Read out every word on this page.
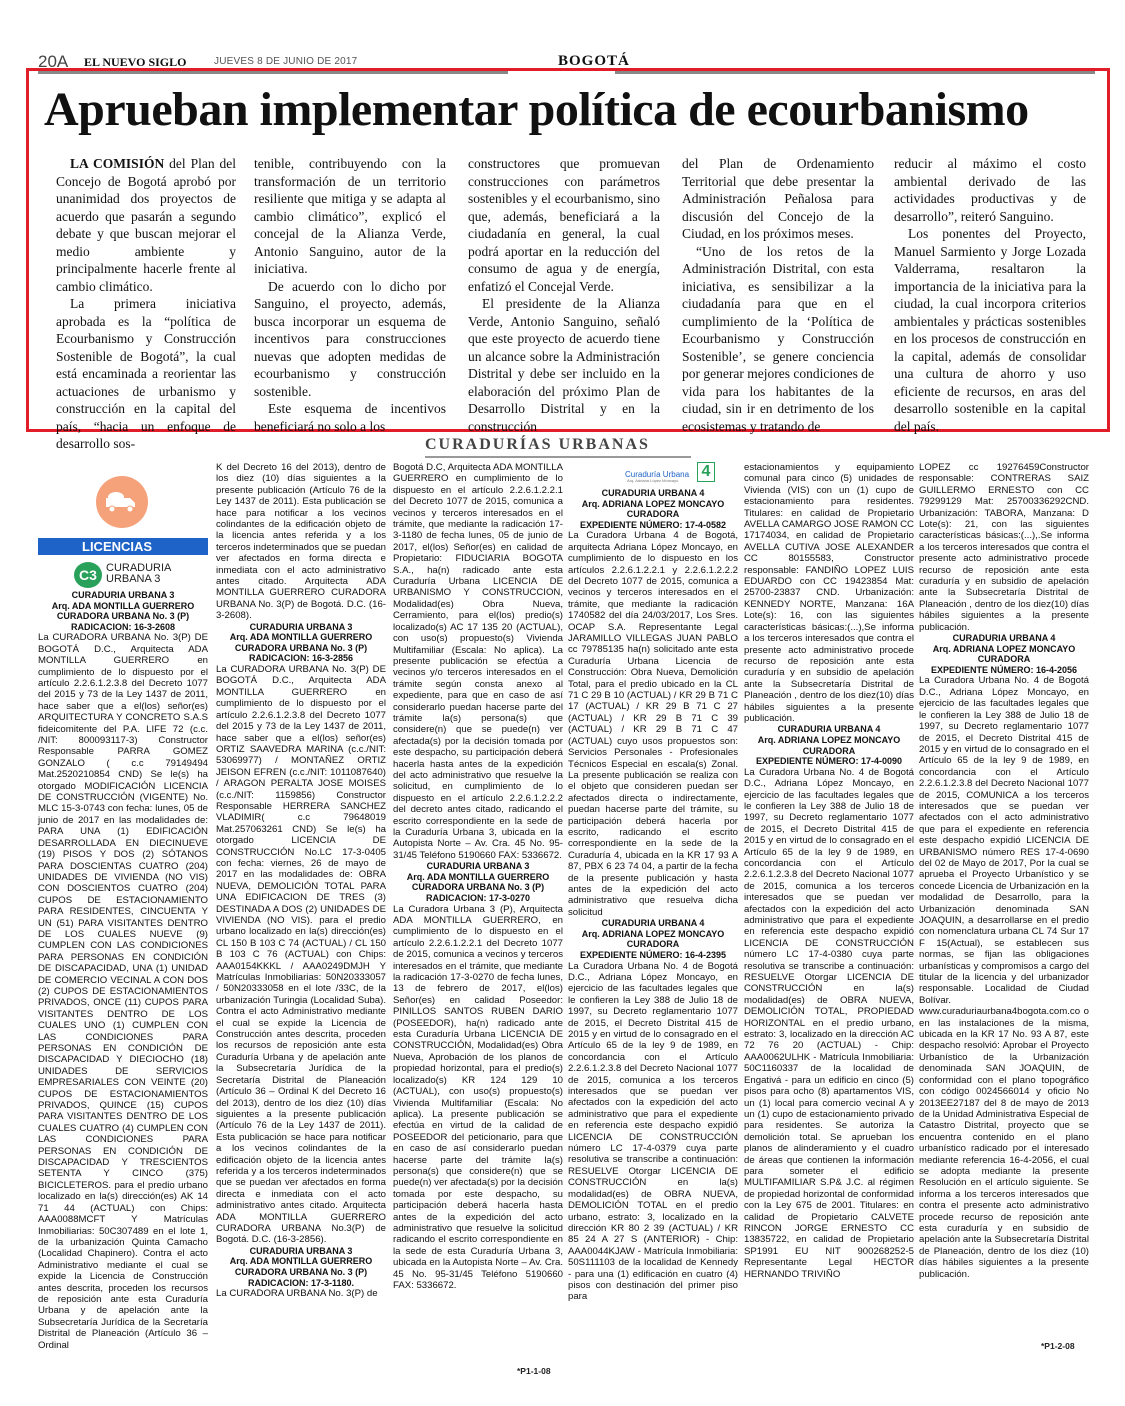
20A EL NUEVO SIGLO	JUEVES 8 DE JUNIO DE 2017	BOGOTÁ
Aprueban implementar política de ecourbanismo

LA COMISIÓN del Plan del Concejo de Bogotá aprobó por unanimidad dos proyectos de acuerdo que pasarán a segundo debate y que buscan mejorar el medio ambiente y principalmente hacerle frente al cambio climático.

La primera iniciativa aprobada es la “política de Ecourbanismo y Construcción Sostenible de Bogotá”, la cual está encaminada a reorientar las actuaciones de urbanismo y construcción en la capital del país, “hacia un enfoque de desarrollo sos-

tenible, contribuyendo con la transformación de un territorio resiliente que mitiga y se adapta al cambio climático”, explicó el concejal de la Alianza Verde, Antonio Sanguino, autor de la iniciativa.

De acuerdo con lo dicho por Sanguino, el proyecto, además, busca incorporar un esquema de incentivos para construcciones nuevas que adopten medidas de ecourbanismo y construcción sostenible.

Este esquema de incentivos beneficiará no solo a los

constructores que promuevan construcciones con parámetros sostenibles y el ecourbanismo, sino que, además, beneficiará a la ciudadanía en general, la cual podrá aportar en la reducción del consumo de agua y de energía, enfatizó el Concejal Verde.

El presidente de la Alianza Verde, Antonio Sanguino, señaló que este proyecto de acuerdo tiene un alcance sobre la Administración Distrital y debe ser incluido en la elaboración del próximo Plan de Desarrollo Distrital y en la construcción

del Plan de Ordenamiento Territorial que debe presentar la Administración Peñalosa para discusión del Concejo de la Ciudad, en los próximos meses.

“Uno de los retos de la Administración Distrital, con esta iniciativa, es sensibilizar a la ciudadanía para que en el cumplimiento de la ‘Política de Ecourbanismo y Construcción Sostenible’, se genere conciencia por generar mejores condiciones de vida para los habitantes de la ciudad, sin ir en detrimento de los ecosistemas y tratando de

reducir al máximo el costo ambiental derivado de las actividades productivas y de desarrollo”, reiteró Sanguino.

Los ponentes del Proyecto, Manuel Sarmiento y Jorge Lozada Valderrama, resaltaron la importancia de la iniciativa para la ciudad, la cual incorpora criterios ambientales y prácticas sostenibles en los procesos de construcción en la capital, además de consolidar una cultura de ahorro y uso eficiente de recursos, en aras del desarrollo sostenible en la capital del país.

CURADURÍAS URBANAS
LICENCIAS
C3 CURADURIA
URBANA 3
Curaduría Urbana
Arq. Adriana López Moncayo
4
CURADURIA URBANA 3
Arq. ADA MONTILLA GUERRERO
CURADORA URBANA No. 3 (P)
RADICACION: 16-3-2608
La CURADORA URBANA No. 3(P) DE BOGOTÁ D.C., Arquitecta ADA MONTILLA GUERRERO en cumplimiento de lo dispuesto por el artículo 2.2.6.1.2.3.8 del Decreto 1077 del 2015 y 73 de la Ley 1437 de 2011, hace saber que a el(los) señor(es) ARQUITECTURA Y CONCRETO S.A.S fideicomitente del P.A. LIFE 72 (c.c. /NIT: 800093117-3) Constructor Responsable PARRA GOMEZ GONZALO ( c.c 79149494 Mat.2520210854 CND) Se le(s) ha otorgado MODIFICACIÓN LICENCIA DE CONSTRUCCIÓN (VIGENTE) No. MLC 15-3-0743 con fecha: lunes, 05 de junio de 2017 en las modalidades de: PARA UNA (1) EDIFICACIÓN DESARROLLADA EN DIECINUEVE (19) PISOS Y DOS (2) SÓTANOS PARA DOSCIENTAS CUATRO (204) UNIDADES DE VIVIENDA (NO VIS) CON DOSCIENTOS CUATRO (204) CUPOS DE ESTACIONAMIENTO PARA RESIDENTES, CINCUENTA Y UN (51) PARA VISITANTES DENTRO DE LOS CUALES NUEVE (9) CUMPLEN CON LAS CONDICIONES PARA PERSONAS EN CONDICIÓN DE DISCAPACIDAD, UNA (1) UNIDAD DE COMERCIO VECINAL A CON DOS (2) CUPOS DE ESTACIONAMIENTOS PRIVADOS, ONCE (11) CUPOS PARA VISITANTES DENTRO DE LOS CUALES UNO (1) CUMPLEN CON LAS CONDICIONES PARA PERSONAS EN CONDICIÓN DE DISCAPACIDAD Y DIECIOCHO (18) UNIDADES DE SERVICIOS EMPRESARIALES CON VEINTE (20) CUPOS DE ESTACIONAMIENTOS PRIVADOS, QUINCE (15) CUPOS PARA VISITANTES DENTRO DE LOS CUALES CUATRO (4) CUMPLEN CON LAS CONDICIONES PARA PERSONAS EN CONDICIÓN DE DISCAPACIDAD Y TRESCIENTOS SETENTA Y CINCO (375) BICICLETEROS. para el predio urbano localizado en la(s) dirección(es) AK 14 71 44 (ACTUAL) con Chips: AAA0088MCFT Y Matrículas Inmobiliarias: 50C307489 en el lote 1, de la urbanización Quinta Camacho (Localidad Chapinero). Contra el acto Administrativo mediante el cual se expide la Licencia de Construcción antes descrita, proceden los recursos de reposición ante esta Curaduría Urbana y de apelación ante la Subsecretaría Jurídica de la Secretaría Distrital de Planeación (Artículo 36 – Ordinal
K del Decreto 16 del 2013), dentro de los diez (10) días siguientes a la presente publicación (Artículo 76 de la Ley 1437 de 2011). Esta publicación se hace para notificar a los vecinos colindantes de la edificación objeto de la licencia antes referida y a los terceros indeterminados que se puedan ver afectados en forma directa e inmediata con el acto administrativo antes citado. Arquitecta ADA MONTILLA GUERRERO CURADORA URBANA No. 3(P) de Bogotá. D.C. (16-3-2608).
CURADURIA URBANA 3
Arq. ADA MONTILLA GUERRERO
CURADORA URBANA No. 3 (P)
RADICACION: 16-3-2856
La CURADORA URBANA No. 3(P) DE BOGOTÁ D.C., Arquitecta ADA MONTILLA GUERRERO en cumplimiento de lo dispuesto por el artículo 2.2.6.1.2.3.8 del Decreto 1077 del 2015 y 73 de la Ley 1437 de 2011, hace saber que a el(los) señor(es) ORTIZ SAAVEDRA MARINA (c.c./NIT: 53069977) / MONTAÑEZ ORTIZ JEISON EFREN (c.c./NIT: 1011087640) / ARAGON PERALTA JOSE MOISES (c.c./NIT: 1159856) Constructor Responsable HERRERA SANCHEZ VLADIMIR( c.c 79648019 Mat.257063261 CND) Se le(s) ha otorgado LICENCIA DE CONSTRUCCIÓN No.LC 17-3-0405 con fecha: viernes, 26 de mayo de 2017 en las modalidades de: OBRA NUEVA, DEMOLICIÓN TOTAL PARA UNA EDIFICACION DE TRES (3) DESTINADA A DOS (2) UNIDADES DE VIVIENDA (NO VIS). para el predio urbano localizado en la(s) dirección(es) CL 150 B 103 C 74 (ACTUAL) / CL 150 B 103 C 76 (ACTUAL) con Chips: AAA0154KKKL / AAA0249DMJH Y Matrículas Inmobiliarias: 50N20333057 / 50N20333058 en el lote /33C, de la urbanización Turingia (Localidad Suba). Contra el acto Administrativo mediante el cual se expide la Licencia de Construcción antes descrita, proceden los recursos de reposición ante esta Curaduría Urbana y de apelación ante la Subsecretaría Jurídica de la Secretaría Distrital de Planeación (Artículo 36 – Ordinal K del Decreto 16 del 2013), dentro de los diez (10) días siguientes a la presente publicación (Artículo 76 de la Ley 1437 de 2011). Esta publicación se hace para notificar a los vecinos colindantes de la edificación objeto de la licencia antes referida y a los terceros indeterminados que se puedan ver afectados en forma directa e inmediata con el acto administrativo antes citado. Arquitecta ADA MONTILLA GUERRERO CURADORA URBANA No.3(P) de Bogotá. D.C. (16-3-2856).
CURADURIA URBANA 3
Arq. ADA MONTILLA GUERRERO
CURADORA URBANA No. 3 (P)
RADICACION: 17-3-1180.
La CURADORA URBANA No. 3(P) de
Bogotá D.C, Arquitecta ADA MONTILLA GUERRERO en cumplimiento de lo dispuesto en el artículo 2.2.6.1.2.2.1 del Decreto 1077 de 2015, comunica a vecinos y terceros interesados en el trámite, que mediante la radicación 17-3-1180 de fecha lunes, 05 de junio de 2017, el(los) Señor(es) en calidad de Propietario: FIDUCIARIA BOGOTA S.A., ha(n) radicado ante esta Curaduría Urbana LICENCIA DE URBANISMO Y CONSTRUCCION, Modalidad(es) Obra Nueva, Cerramiento, para el(los) predio(s) localizado(s) AC 17 135 20 (ACTUAL), con uso(s) propuesto(s) Vivienda Multifamiliar (Escala: No aplica). La presente publicación se efectúa a vecinos y/o terceros interesados en el trámite según consta anexo al expediente, para que en caso de así considerarlo puedan hacerse parte del trámite la(s) persona(s) que considere(n) que se puede(n) ver afectada(s) por la decisión tomada por este despacho, su participación deberá hacerla hasta antes de la expedición del acto administrativo que resuelve la solicitud, en cumplimiento de lo dispuesto en el artículo 2.2.6.1.2.2.2 del decreto antes citado, radicando el escrito correspondiente en la sede de la Curaduría Urbana 3, ubicada en la Autopista Norte – Av. Cra. 45 No. 95-31/45 Teléfono 5190660 FAX: 5336672.
CURADURIA URBANA 3
Arq. ADA MONTILLA GUERRERO
CURADORA URBANA No. 3 (P)
RADICACION: 17-3-0270
La Curadora Urbana 3 (P), Arquitecta ADA MONTILLA GUERRERO, en cumplimiento de lo dispuesto en el artículo 2.2.6.1.2.2.1 del Decreto 1077 de 2015, comunica a vecinos y terceros interesados en el trámite, que mediante la radicación 17-3-0270 de fecha lunes, 13 de febrero de 2017, el(los) Señor(es) en calidad Poseedor: PINILLOS SANTOS RUBEN DARIO (POSEEDOR), ha(n) radicado ante esta Curaduría Urbana LICENCIA DE CONSTRUCCIÓN, Modalidad(es) Obra Nueva, Aprobación de los planos de propiedad horizontal, para el predio(s) localizado(s) KR 124 129 10 (ACTUAL), con uso(s) propuesto(s) Vivienda Multifamiliar (Escala: No aplica). La presente publicación se efectúa en virtud de la calidad de POSEEDOR del peticionario, para que en caso de así considerarlo puedan hacerse parte del trámite la(s) persona(s) que considere(n) que se puede(n) ver afectada(s) por la decisión tomada por este despacho, su participación deberá hacerla hasta antes de la expedición del acto administrativo que resuelve la solicitud radicando el escrito correspondiente en la sede de esta Curaduría Urbana 3, ubicada en la Autopista Norte – Av. Cra. 45 No. 95-31/45 Teléfono 5190660 FAX: 5336672.
CURADURIA URBANA 4
Arq. ADRIANA LOPEZ MONCAYO
CURADORA
EXPEDIENTE NÚMERO: 17-4-0582
La Curadora Urbana 4 de Bogotá, arquitecta Adriana López Moncayo, en cumplimiento de lo dispuesto en los artículos 2.2.6.1.2.2.1 y 2.2.6.1.2.2.2 del Decreto 1077 de 2015, comunica a vecinos y terceros interesados en el trámite, que mediante la radicación 1740582 del día 24/03/2017, Los Sres. OCAP S.A. Representante Legal JARAMILLO VILLEGAS JUAN PABLO cc 79785135 ha(n) solicitado ante esta Curaduría Urbana Licencia de Construcción: Obra Nueva, Demolición Total, para el predio ubicado en la CL 71 C 29 B 10 (ACTUAL) / KR 29 B 71 C 17 (ACTUAL) / KR 29 B 71 C 27 (ACTUAL) / KR 29 B 71 C 39 (ACTUAL) / KR 29 B 71 C 47 (ACTUAL) cuyo usos propuestos son: Servicios Personales - Profesionales Técnicos Especial en escala(s) Zonal. La presente publicación se realiza con el objeto que consideren puedan ser afectados directa o indirectamente, puedan hacerse parte del trámite, su participación deberá hacerla por escrito, radicando el escrito correspondiente en la sede de la Curaduría 4, ubicada en la KR 17 93 A 87, PBX 6 23 74 04, a partir de la fecha de la presente publicación y hasta antes de la expedición del acto administrativo que resuelva dicha solicitud
CURADURIA URBANA 4
Arq. ADRIANA LOPEZ MONCAYO
CURADORA
EXPEDIENTE NÚMERO: 16-4-2395
La Curadora Urbana No. 4 de Bogotá D.C., Adriana López Moncayo, en ejercicio de las facultades legales que le confieren la Ley 388 de Julio 18 de 1997, su Decreto reglamentario 1077 de 2015, el Decreto Distrital 415 de 2015 y en virtud de lo consagrado en el Artículo 65 de la ley 9 de 1989, en concordancia con el Artículo 2.2.6.1.2.3.8 del Decreto Nacional 1077 de 2015, comunica a los terceros interesados que se puedan ver afectados con la expedición del acto administrativo que para el expediente en referencia este despacho expidió LICENCIA DE CONSTRUCCIÓN número LC 17-4-0379 cuya parte resolutiva se transcribe a continuación: RESUELVE Otorgar LICENCIA DE CONSTRUCCIÓN en la(s) modalidad(es) de OBRA NUEVA, DEMOLICIÓN TOTAL en el predio urbano, estrato: 3, localizado en la dirección KR 80 2 39 (ACTUAL) / KR 85 24 A 27 S (ANTERIOR) - Chip: AAA0044KJAW - Matrícula Inmobiliaria: 50S111103 de la localidad de Kennedy - para una (1) edificación en cuatro (4) pisos con destinación del primer piso para
estacionamientos y equipamiento comunal para cinco (5) unidades de Vivienda (VIS) con un (1) cupo de estacionamiento para residentes. Titulares: en calidad de Propietario AVELLA CAMARGO JOSE RAMON CC 17174034, en calidad de Propietario AVELLA CUTIVA JOSE ALEXANDER CC 80155583, Constructor responsable: FANDIÑO LOPEZ LUIS EDUARDO con CC 19423854 Mat: 25700-23837 CND. Urbanización: KENNEDY NORTE, Manzana: 16A Lote(s): 16, con las siguientes características básicas:(...),Se informa a los terceros interesados que contra el presente acto administrativo procede recurso de reposición ante esta curaduría y en subsidio de apelación ante la Subsecretaría Distrital de Planeación , dentro de los diez(10) días hábiles siguientes a la presente publicación.
CURADURIA URBANA 4
Arq. ADRIANA LOPEZ MONCAYO
CURADORA
EXPEDIENTE NÚMERO: 17-4-0090
La Curadora Urbana No. 4 de Bogotá D.C., Adriana López Moncayo, en ejercicio de las facultades legales que le confieren la Ley 388 de Julio 18 de 1997, su Decreto reglamentario 1077 de 2015, el Decreto Distrital 415 de 2015 y en virtud de lo consagrado en el Artículo 65 de la ley 9 de 1989, en concordancia con el Artículo 2.2.6.1.2.3.8 del Decreto Nacional 1077 de 2015, comunica a los terceros interesados que se puedan ver afectados con la expedición del acto administrativo que para el expediente en referencia este despacho expidió LICENCIA DE CONSTRUCCIÓN número LC 17-4-0380 cuya parte resolutiva se transcribe a continuación: RESUELVE Otorgar LICENCIA DE CONSTRUCCIÓN en la(s) modalidad(es) de OBRA NUEVA, DEMOLICIÓN TOTAL, PROPIEDAD HORIZONTAL en el predio urbano, estrato: 3, localizado en la dirección AC 72 76 20 (ACTUAL) - Chip: AAA0062ULHK - Matrícula Inmobiliaria: 50C1160337 de la localidad de Engativá - para un edificio en cinco (5) pisos para ocho (8) apartamentos VIS, un (1) local para comercio vecinal A y un (1) cupo de estacionamiento privado para residentes. Se autoriza la demolición total. Se aprueban los planos de alinderamiento y el cuadro de áreas que contienen la información para someter el edificio MULTIFAMILIAR S.P& J.C. al régimen de propiedad horizontal de conformidad con la Ley 675 de 2001. Titulares: en calidad de Propietario CALVETE RINCON JORGE ERNESTO CC 13835722, en calidad de Propietario SP1991 EU NIT 900268252-5 Representante Legal HECTOR HERNANDO TRIVIÑO
LOPEZ cc 19276459Constructor responsable: CONTRERAS SAIZ GUILLERMO ERNESTO con CC 79299129 Mat: 25700336292CND. Urbanización: TABORA, Manzana: D Lote(s): 21, con las siguientes características básicas:(...),.Se informa a los terceros interesados que contra el presente acto administrativo procede recurso de reposición ante esta curaduría y en subsidio de apelación ante la Subsecretaría Distrital de Planeación , dentro de los diez(10) días hábiles siguientes a la presente publicación.
CURADURIA URBANA 4
Arq. ADRIANA LOPEZ MONCAYO
CURADORA
EXPEDIENTE NÚMERO: 16-4-2056
La Curadora Urbana No. 4 de Bogotá D.C., Adriana López Moncayo, en ejercicio de las facultades legales que le confieren la Ley 388 de Julio 18 de 1997, su Decreto reglamentario 1077 de 2015, el Decreto Distrital 415 de 2015 y en virtud de lo consagrado en el Artículo 65 de la ley 9 de 1989, en concordancia con el Artículo 2.2.6.1.2.3.8 del Decreto Nacional 1077 de 2015, COMUNICA a los terceros interesados que se puedan ver afectados con el acto administrativo que para el expediente en referencia este despacho expidió LICENCIA DE URBANISMO número RES 17-4-0690 del 02 de Mayo de 2017, Por la cual se aprueba el Proyecto Urbanístico y se concede Licencia de Urbanización en la modalidad de Desarrollo, para la Urbanización denominada SAN JOAQUIN, a desarrollarse en el predio con nomenclatura urbana CL 74 Sur 17 F 15(Actual), se establecen sus normas, se fijan las obligaciones urbanísticas y compromisos a cargo del titular de la licencia y del urbanizador responsable. Localidad de Ciudad Bolívar. www.curaduriaurbana4bogota.com.co o en las instalaciones de la misma, ubicada en la KR 17 No. 93 A 87, este despacho resolvió: Aprobar el Proyecto Urbanístico de la Urbanización denominada SAN JOAQUIN, de conformidad con el plano topográfico con código 0024566014 y oficio No 2013EE27187 del 8 de mayo de 2013 de la Unidad Administrativa Especial de Catastro Distrital, proyecto que se encuentra contenido en el plano urbanístico radicado por el interesado mediante referencia 16-4-2056, el cual se adopta mediante la presente Resolución en el artículo siguiente. Se informa a los terceros interesados que contra el presente acto administrativo procede recurso de reposición ante esta curaduría y en subsidio de apelación ante la Subsecretaría Distrital de Planeación, dentro de los diez (10) días hábiles siguientes a la presente publicación.
*P1-1-08
*P1-2-08
